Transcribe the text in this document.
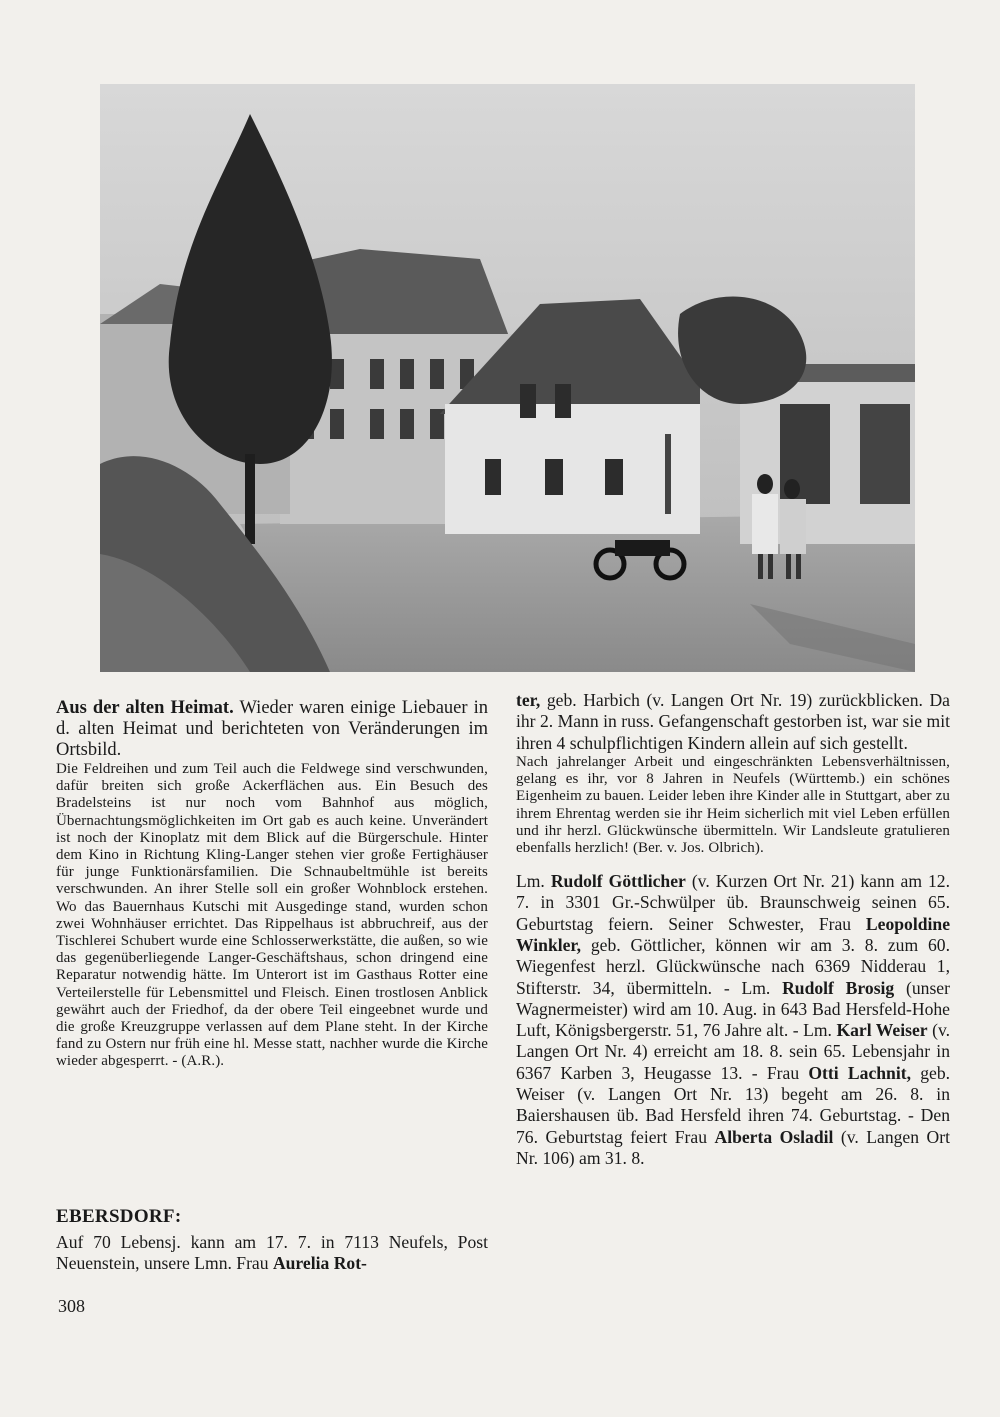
Aus der alten Heimat. Wieder waren einige Liebauer in d. alten Heimat und berichteten von Veränderungen im Ortsbild.

Die Feldreihen und zum Teil auch die Feldwege sind verschwunden, dafür breiten sich große Ackerflächen aus. Ein Besuch des Bradelsteins ist nur noch vom Bahnhof aus möglich, Übernachtungsmöglichkeiten im Ort gab es auch keine. Unverändert ist noch der Kinoplatz mit dem Blick auf die Bürgerschule. Hinter dem Kino in Richtung Kling-Langer stehen vier große Fertighäuser für junge Funktionärsfamilien. Die Schnaubeltmühle ist bereits verschwunden. An ihrer Stelle soll ein großer Wohnblock erstehen. Wo das Bauernhaus Kutschi mit Ausgedinge stand, wurden schon zwei Wohnhäuser errichtet. Das Rippelhaus ist abbruchreif, aus der Tischlerei Schubert wurde eine Schlosserwerkstätte, die außen, so wie das gegenüberliegende Langer-Geschäftshaus, schon dringend eine Reparatur notwendig hätte. Im Unterort ist im Gasthaus Rotter eine Verteilerstelle für Lebensmittel und Fleisch. Einen trostlosen Anblick gewährt auch der Friedhof, da der obere Teil eingeebnet wurde und die große Kreuzgruppe verlassen auf dem Plane steht. In der Kirche fand zu Ostern nur früh eine hl. Messe statt, nachher wurde die Kirche wieder abgesperrt. - (A.R.).

EBERSDORF:

Auf 70 Lebensj. kann am 17. 7. in 7113 Neufels, Post Neuenstein, unsere Lmn. Frau Aurelia Rot-

308

ter, geb. Harbich (v. Langen Ort Nr. 19) zurückblicken. Da ihr 2. Mann in russ. Gefangenschaft gestorben ist, war sie mit ihren 4 schulpflichtigen Kindern allein auf sich gestellt.

Nach jahrelanger Arbeit und eingeschränkten Lebensverhältnissen, gelang es ihr, vor 8 Jahren in Neufels (Württemb.) ein schönes Eigenheim zu bauen. Leider leben ihre Kinder alle in Stuttgart, aber zu ihrem Ehrentag werden sie ihr Heim sicherlich mit viel Leben erfüllen und ihr herzl. Glückwünsche übermitteln. Wir Landsleute gratulieren ebenfalls herzlich! (Ber. v. Jos. Olbrich).

Lm. Rudolf Göttlicher (v. Kurzen Ort Nr. 21) kann am 12. 7. in 3301 Gr.-Schwülper üb. Braunschweig seinen 65. Geburtstag feiern. Seiner Schwester, Frau Leopoldine Winkler, geb. Göttlicher, können wir am 3. 8. zum 60. Wiegenfest herzl. Glückwünsche nach 6369 Nidderau 1, Stifterstr. 34, übermitteln. - Lm. Rudolf Brosig (unser Wagnermeister) wird am 10. Aug. in 643 Bad Hersfeld-Hohe Luft, Königsbergerstr. 51, 76 Jahre alt. - Lm. Karl Weiser (v. Langen Ort Nr. 4) erreicht am 18. 8. sein 65. Lebensjahr in 6367 Karben 3, Heugasse 13. - Frau Otti Lachnit, geb. Weiser (v. Langen Ort Nr. 13) begeht am 26. 8. in Baiershausen üb. Bad Hersfeld ihren 74. Geburtstag. - Den 76. Geburtstag feiert Frau Alberta Osladil (v. Langen Ort Nr. 106) am 31. 8.
